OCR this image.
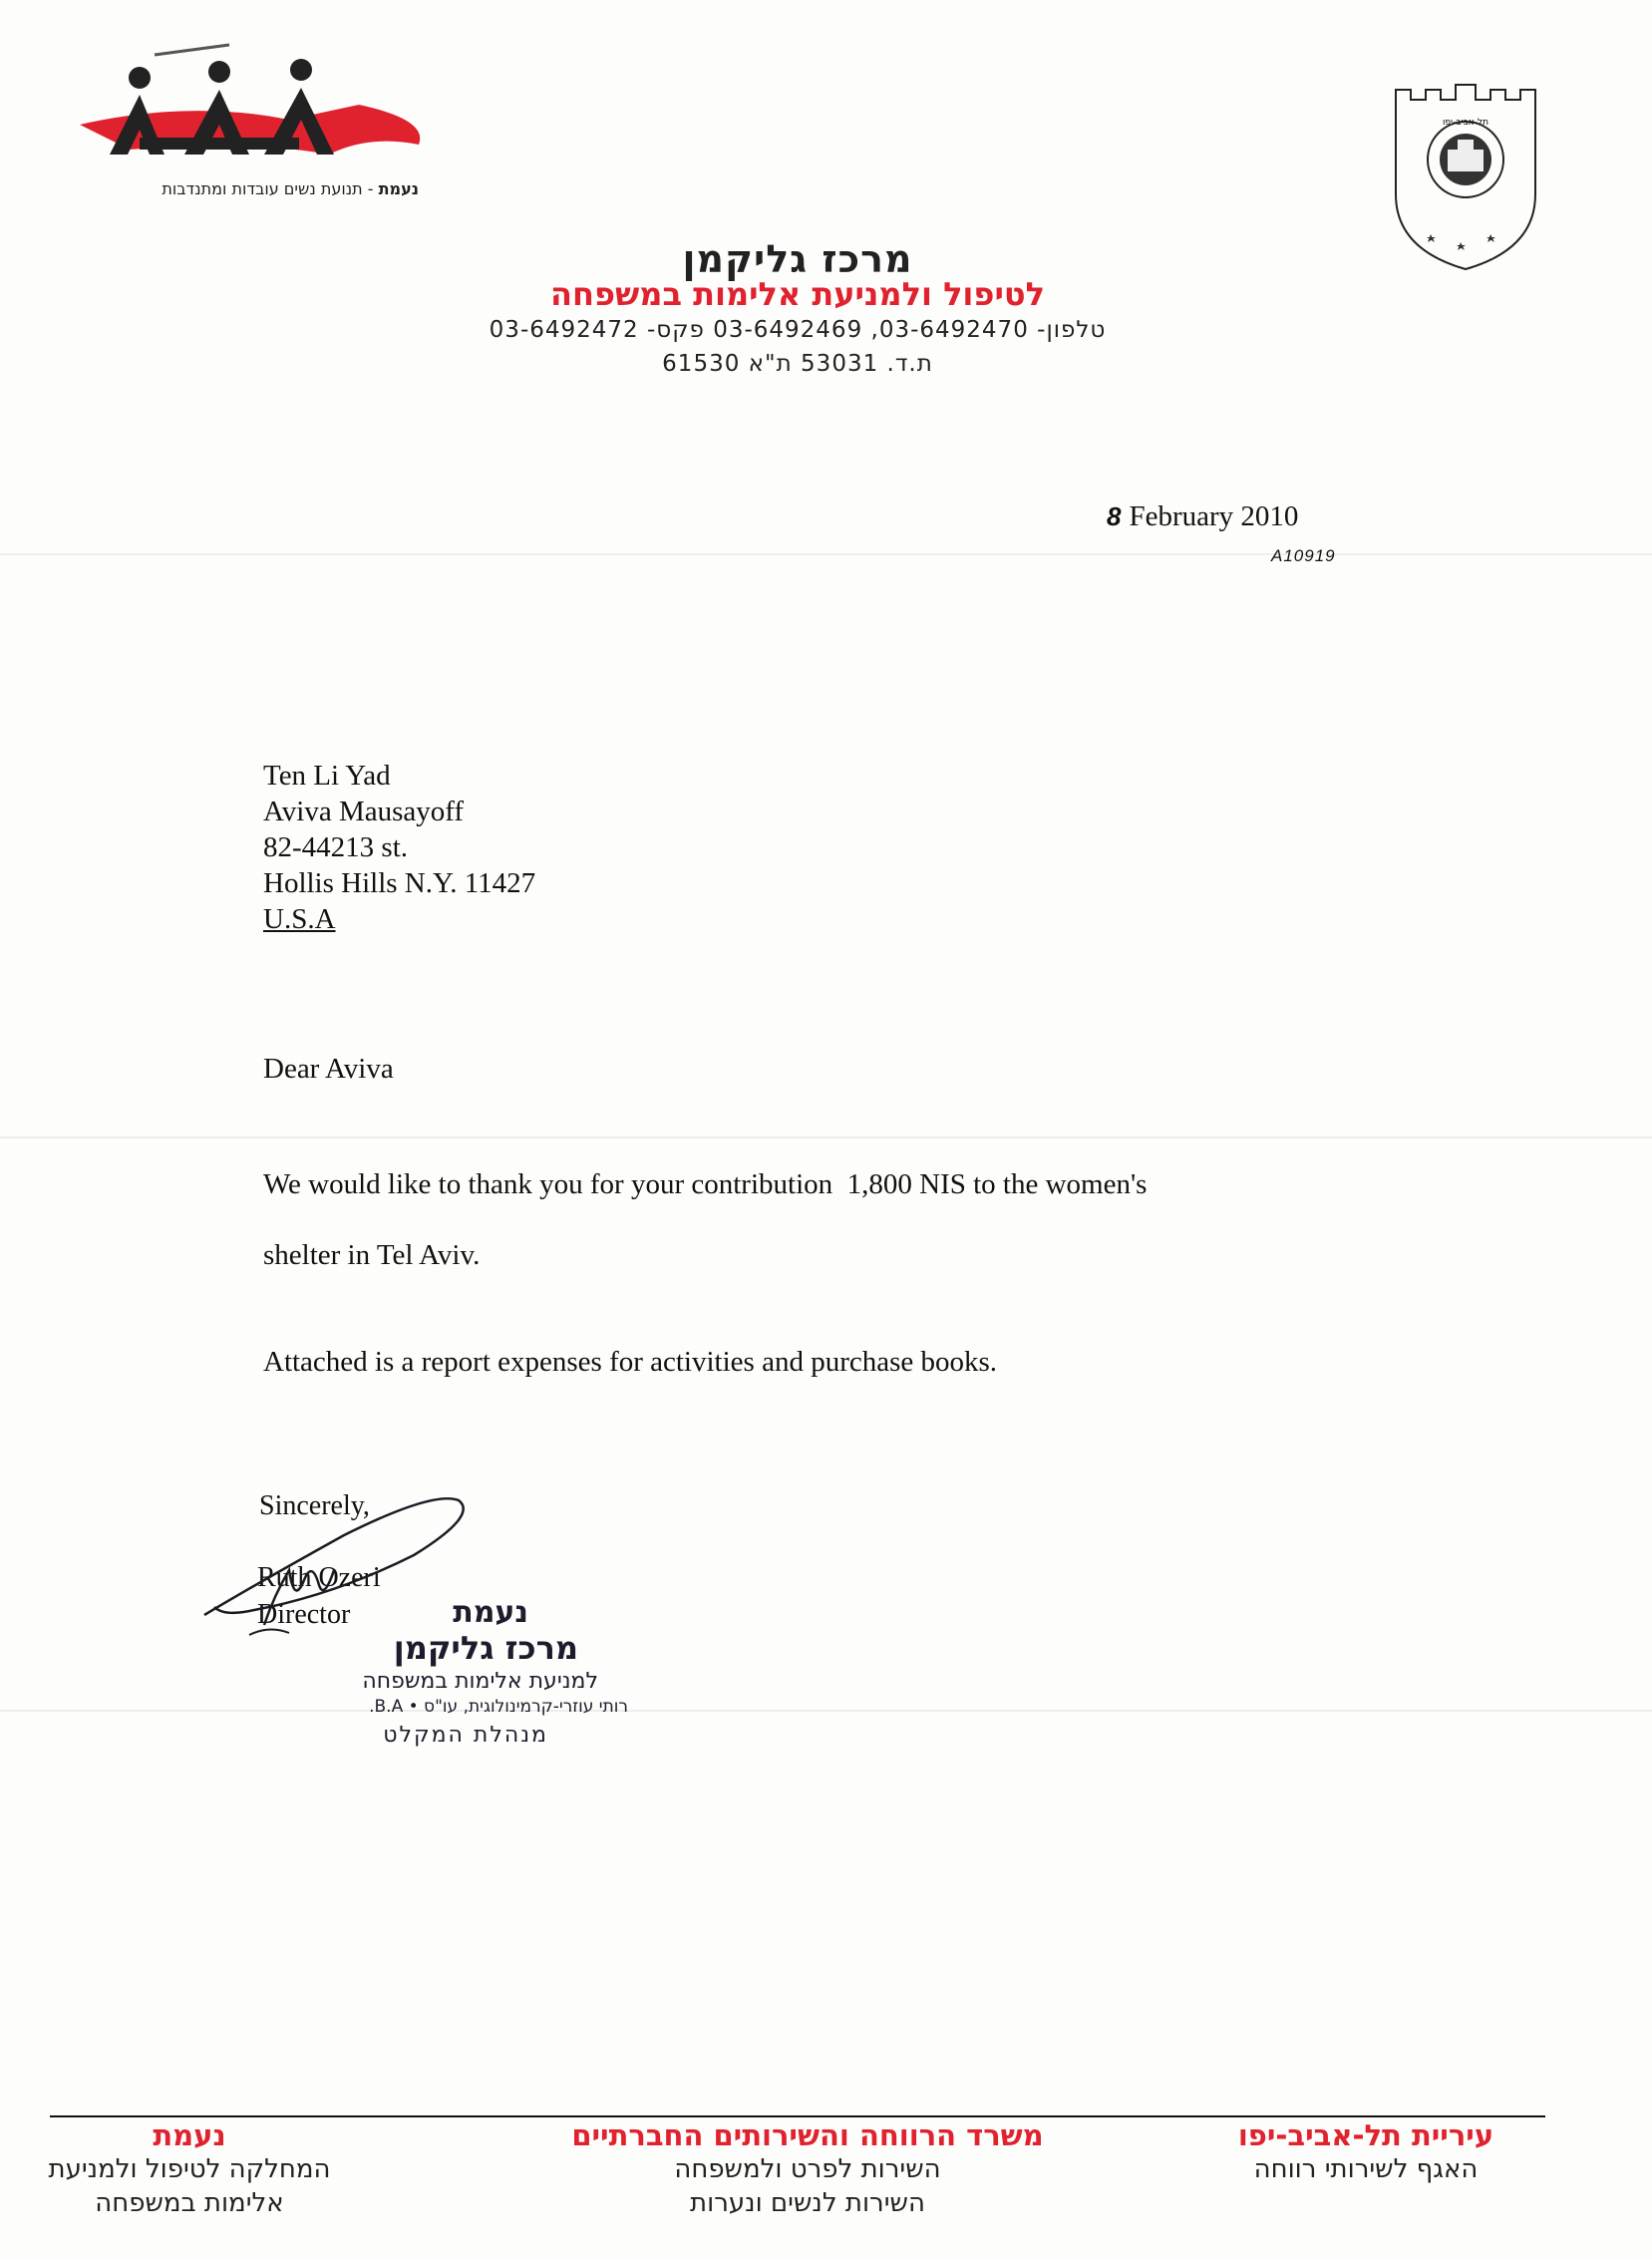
נעמת - תנועת נשים עובדות ומתנדבות
תל-אביב-יפו
מרכז גליקמן
לטיפול ולמניעת אלימות במשפחה
טלפון- 03-6492470, 03-6492469 פקס- 03-6492472
ת.ד. 53031 ת"א 61530
8 February 2010
A10919
Ten Li Yad
Aviva Mausayoff
82-44213 st.
Hollis Hills N.Y. 11427
U.S.A
Dear Aviva
We would like to thank you for your contribution  1,800 NIS to the women's
shelter in Tel Aviv.
Attached is a report expenses for activities and purchase books.
Sincerely,
Ruth Ozeri
Director	נעמת
מרכז גליקמן
למניעת אלימות במשפחה
רותי עוזרי-קרמינולוגית, עו"ס • B.A.
מנהלת המקלט
עיריית תל-אביב-יפו
האגף לשירותי רווחה
משרד הרווחה והשירותים החברתיים
השירות לפרט ולמשפחה
השירות לנשים ונערות
נעמת
המחלקה לטיפול ולמניעת
אלימות במשפחה
